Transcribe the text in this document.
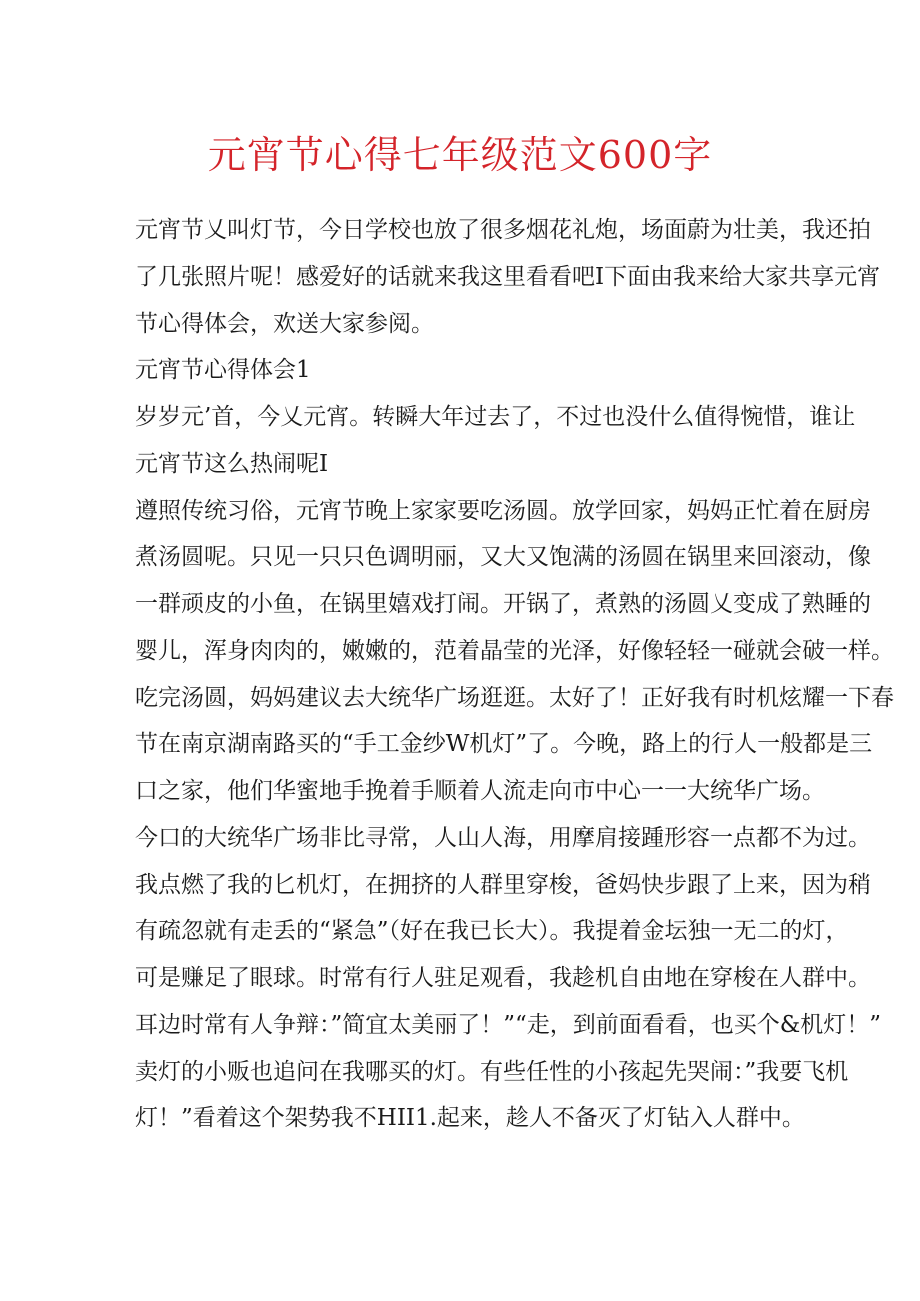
元宵节心得七年级范文600字

元宵节乂叫灯节，今日学校也放了很多烟花礼炮，场面蔚为壮美，我还拍

了几张照片呢！感爱好的话就来我这里看看吧I下面由我来给大家共享元宵

节心得体会，欢送大家参阅。

元宵节心得体会1

岁岁元’首，今乂元宵。转瞬大年过去了，不过也没什么值得惋惜，谁让

元宵节这么热闹呢I

遵照传统习俗，元宵节晚上家家要吃汤圆。放学回家，妈妈正忙着在厨房

煮汤圆呢。只见一只只色调明丽，又大又饱满的汤圆在锅里来回滚动，像

一群顽皮的小鱼，在锅里嬉戏打闹。开锅了，煮熟的汤圆乂变成了熟睡的

婴儿，浑身肉肉的，嫩嫩的，范着晶莹的光泽，好像轻轻一碰就会破一样。

吃完汤圆，妈妈建议去大统华广场逛逛。太好了！正好我有时机炫耀一下春

节在南京湖南路买的“手工金纱W机灯”了。今晚，路上的行人一般都是三

口之家，他们华蜜地手挽着手顺着人流走向市中心一一大统华广场。

今口的大统华广场非比寻常，人山人海，用摩肩接踵形容一点都不为过。

我点燃了我的匕机灯，在拥挤的人群里穿梭，爸妈快步跟了上来，因为稍

有疏忽就有走丢的“紧急”（好在我已长大）。我提着金坛独一无二的灯，

可是赚足了眼球。时常有行人驻足观看，我趁机自由地在穿梭在人群中。

耳边时常有人争辩：”简宜太美丽了！”“走，到前面看看，也买个&机灯！”

卖灯的小贩也追问在我哪买的灯。有些任性的小孩起先哭闹：”我要飞机

灯！”看着这个架势我不HII1.起来，趁人不备灭了灯钻入人群中。
